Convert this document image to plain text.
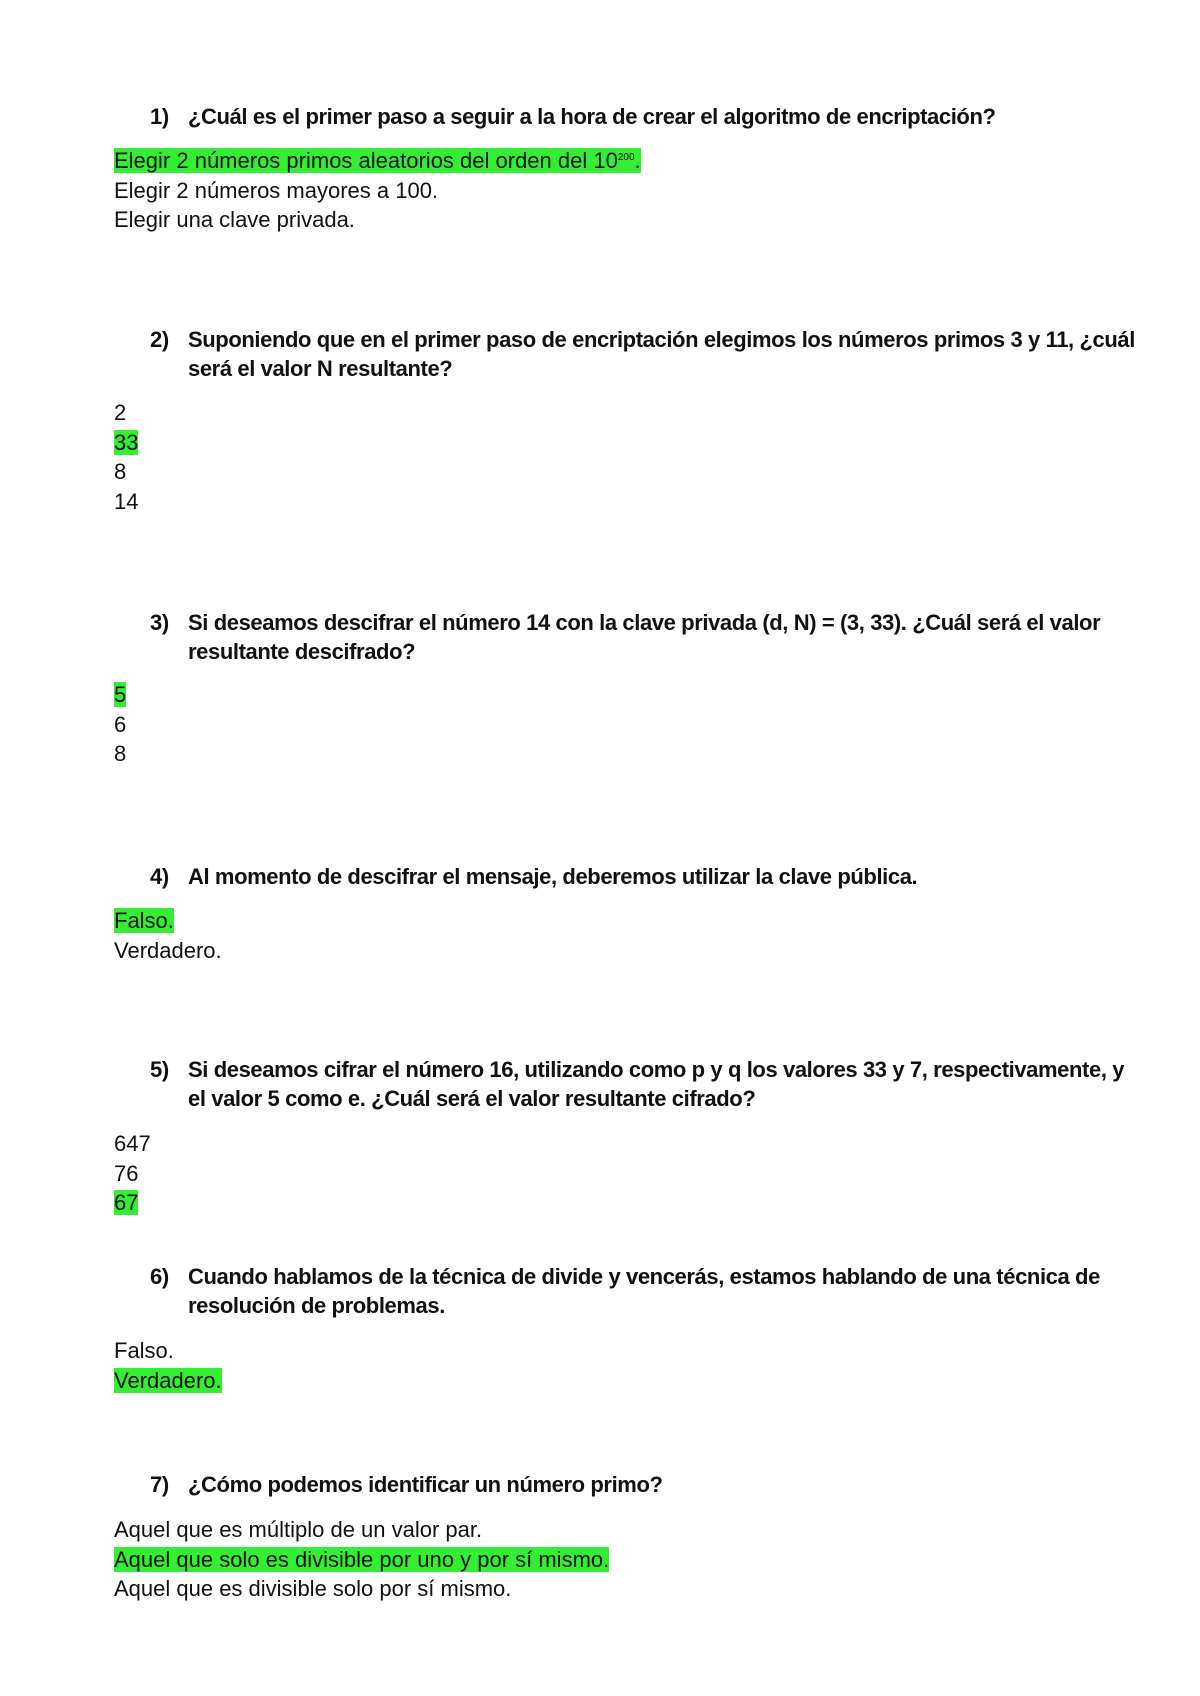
1) ¿Cuál es el primer paso a seguir a la hora de crear el algoritmo de encriptación?
Elegir 2 números primos aleatorios del orden del $10^{200}$.
Elegir 2 números mayores a 100.
Elegir una clave privada.
2) Suponiendo que en el primer paso de encriptación elegimos los números primos 3 y 11, ¿cuál será el valor N resultante?
2
33
8
14
3) Si deseamos descifrar el número 14 con la clave privada (d, N) = (3, 33). ¿Cuál será el valor resultante descifrado?
5
6
8
4) Al momento de descifrar el mensaje, deberemos utilizar la clave pública.
Falso.
Verdadero.
5) Si deseamos cifrar el número 16, utilizando como p y q los valores 33 y 7, respectivamente, y el valor 5 como e. ¿Cuál será el valor resultante cifrado?
647
76
67
6) Cuando hablamos de la técnica de divide y vencerás, estamos hablando de una técnica de resolución de problemas.
Falso.
Verdadero.
7) ¿Cómo podemos identificar un número primo?
Aquel que es múltiplo de un valor par.
Aquel que solo es divisible por uno y por sí mismo.
Aquel que es divisible solo por sí mismo.
